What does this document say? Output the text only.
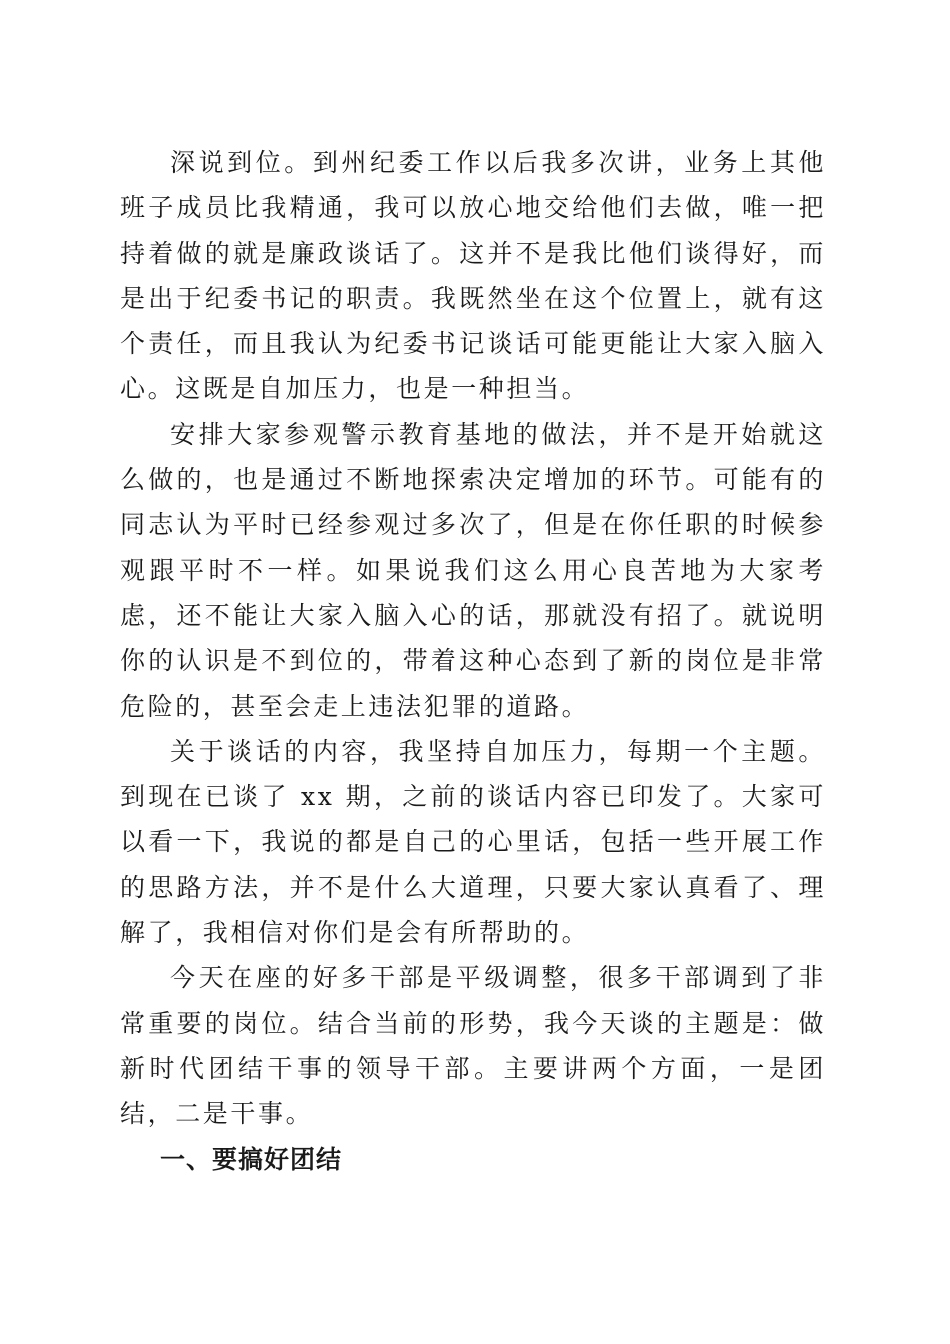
深说到位。到州纪委工作以后我多次讲，业务上其他班子成员比我精通，我可以放心地交给他们去做，唯一把持着做的就是廉政谈话了。这并不是我比他们谈得好，而是出于纪委书记的职责。我既然坐在这个位置上，就有这个责任，而且我认为纪委书记谈话可能更能让大家入脑入心。这既是自加压力，也是一种担当。

安排大家参观警示教育基地的做法，并不是开始就这么做的，也是通过不断地探索决定增加的环节。可能有的同志认为平时已经参观过多次了，但是在你任职的时候参观跟平时不一样。如果说我们这么用心良苦地为大家考虑，还不能让大家入脑入心的话，那就没有招了。就说明你的认识是不到位的，带着这种心态到了新的岗位是非常危险的，甚至会走上违法犯罪的道路。

关于谈话的内容，我坚持自加压力，每期一个主题。到现在已谈了 xx 期，之前的谈话内容已印发了。大家可以看一下，我说的都是自己的心里话，包括一些开展工作的思路方法，并不是什么大道理，只要大家认真看了、理解了，我相信对你们是会有所帮助的。

今天在座的好多干部是平级调整，很多干部调到了非常重要的岗位。结合当前的形势，我今天谈的主题是：做新时代团结干事的领导干部。主要讲两个方面，一是团结，二是干事。

一、要搞好团结
